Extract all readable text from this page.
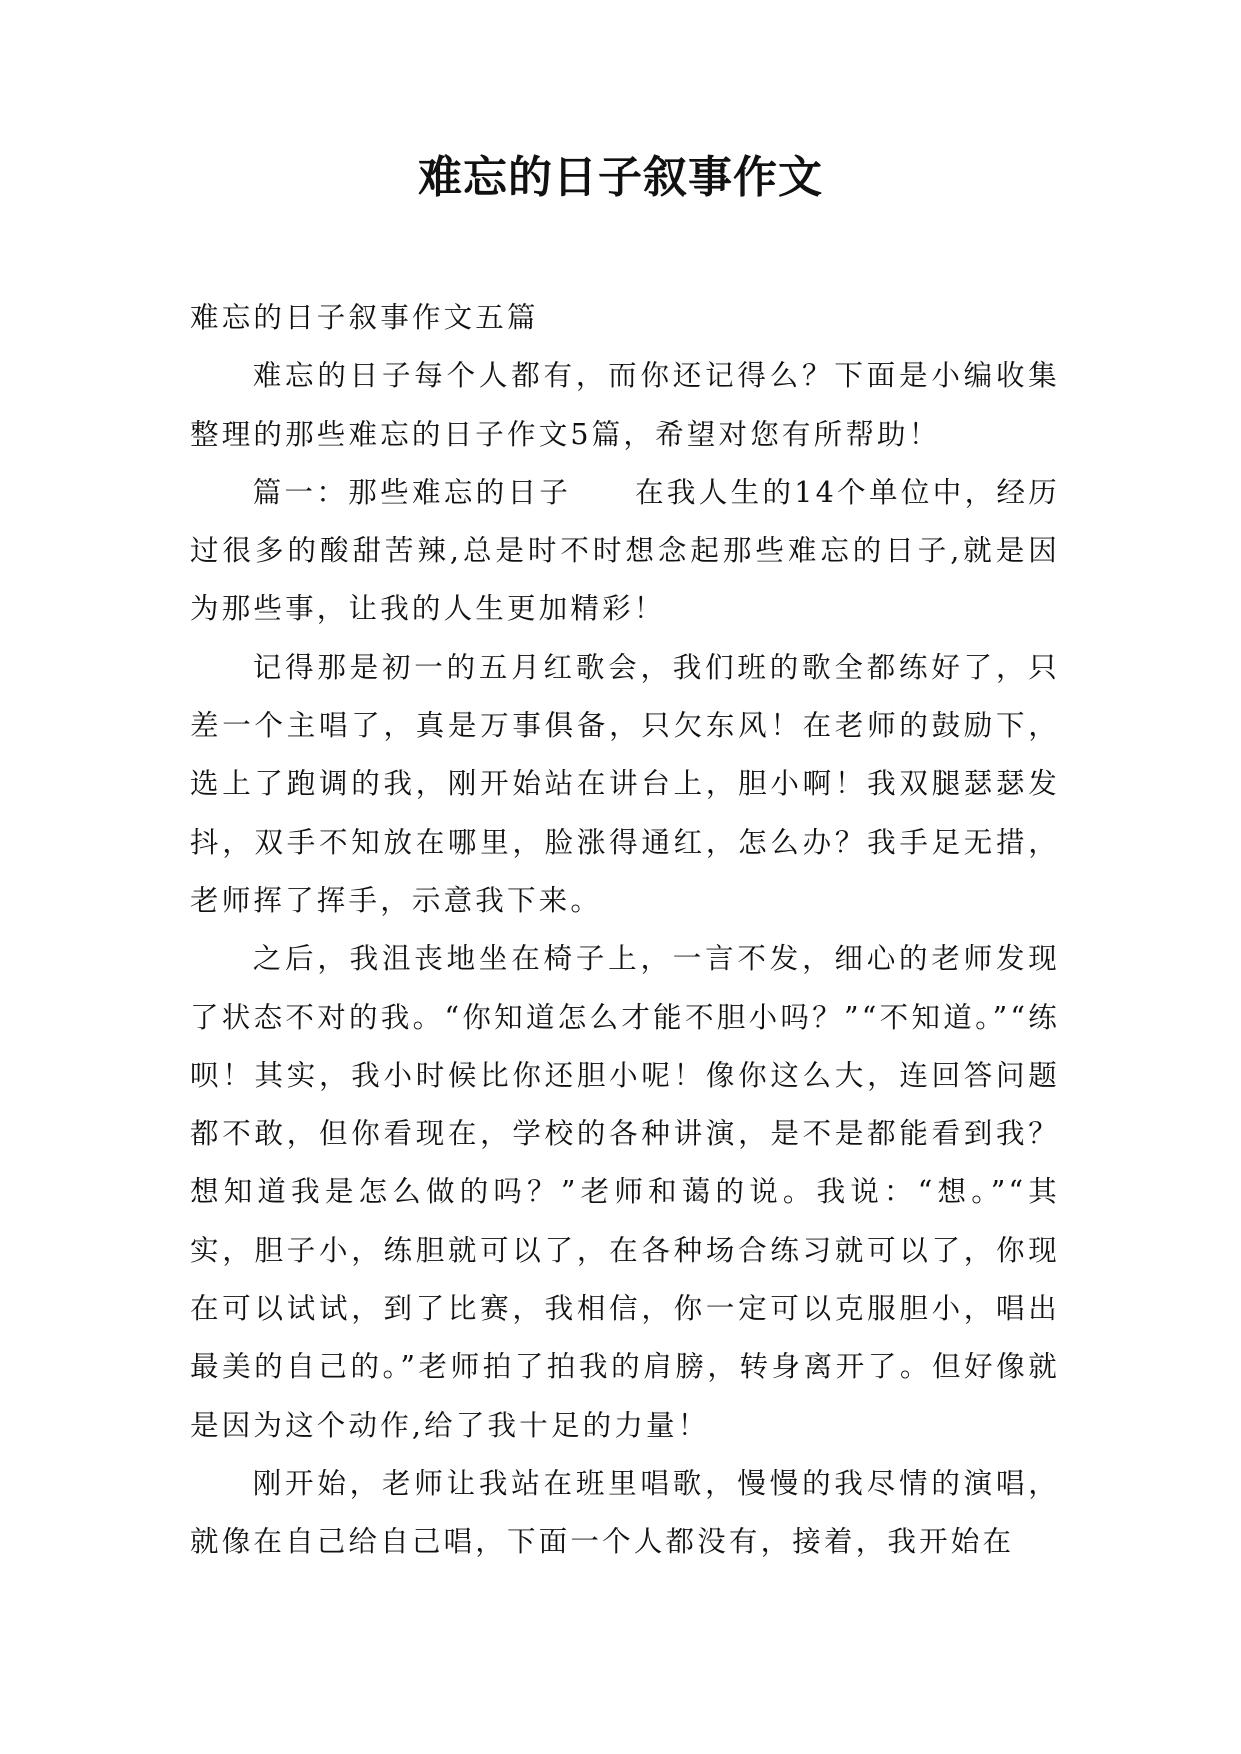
难忘的日子叙事作文

难忘的日子叙事作文五篇

难忘的日子每个人都有，而你还记得么？下面是小编收集整理的那些难忘的日子作文5篇，希望对您有所帮助！

篇一：那些难忘的日子　　在我人生的14个单位中，经历过很多的酸甜苦辣,总是时不时想念起那些难忘的日子,就是因为那些事，让我的人生更加精彩！

记得那是初一的五月红歌会，我们班的歌全都练好了，只差一个主唱了，真是万事俱备，只欠东风！在老师的鼓励下，选上了跑调的我，刚开始站在讲台上，胆小啊！我双腿瑟瑟发抖，双手不知放在哪里，脸涨得通红，怎么办？我手足无措，老师挥了挥手，示意我下来。

之后，我沮丧地坐在椅子上，一言不发，细心的老师发现了状态不对的我。“你知道怎么才能不胆小吗？”“不知道。”“练呗！其实，我小时候比你还胆小呢！像你这么大，连回答问题都不敢，但你看现在，学校的各种讲演，是不是都能看到我？想知道我是怎么做的吗？”老师和蔼的说。我说：“想。”“其实，胆子小，练胆就可以了，在各种场合练习就可以了，你现在可以试试，到了比赛，我相信，你一定可以克服胆小，唱出最美的自己的。”老师拍了拍我的肩膀，转身离开了。但好像就是因为这个动作,给了我十足的力量！

刚开始，老师让我站在班里唱歌，慢慢的我尽情的演唱，就像在自己给自己唱，下面一个人都没有，接着，我开始在
